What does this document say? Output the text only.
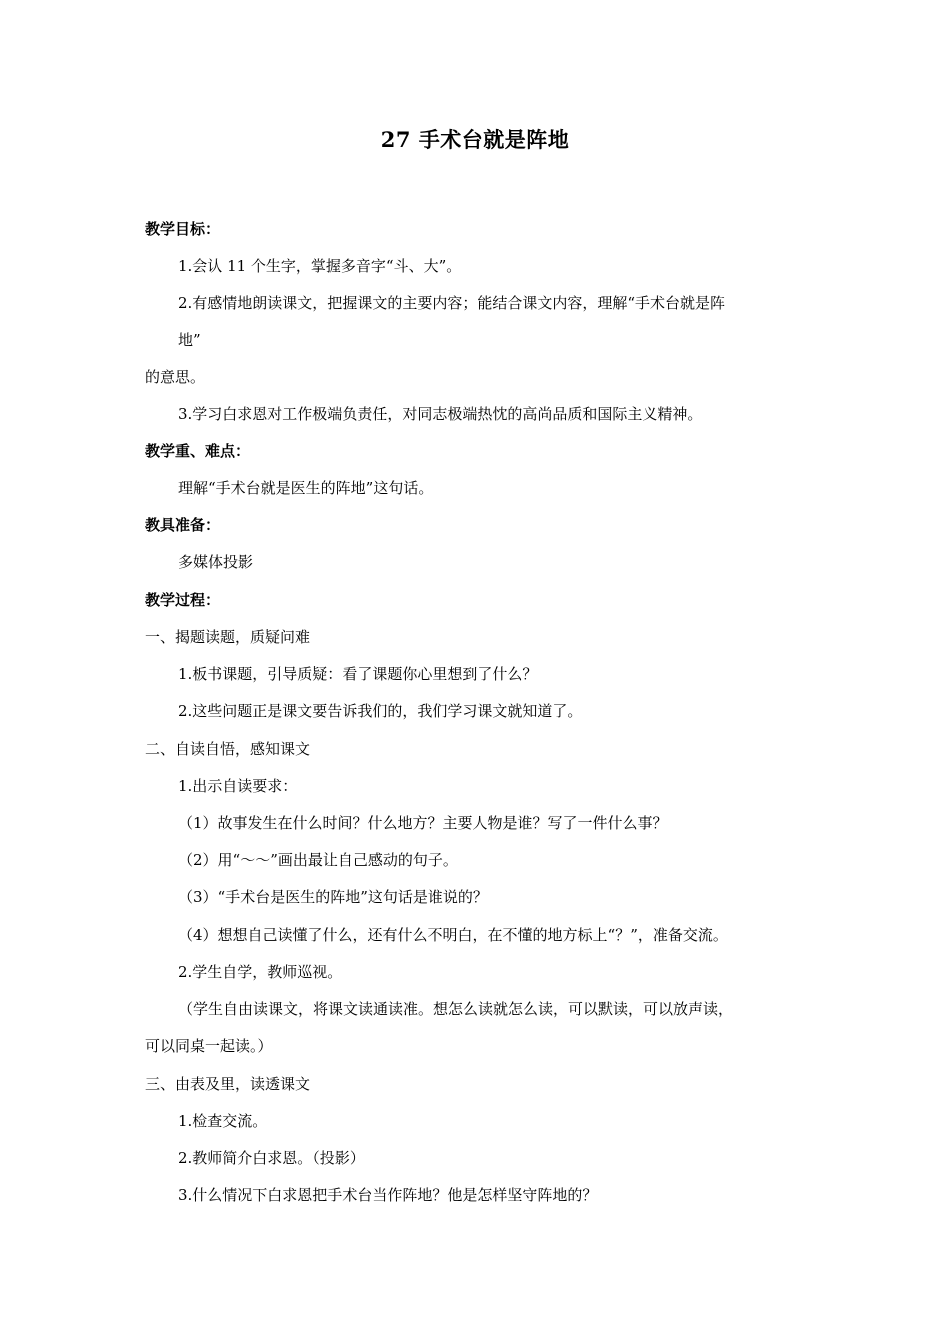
27 手术台就是阵地
教学目标：
1.会认 11 个生字，掌握多音字“斗、大”。
2.有感情地朗读课文，把握课文的主要内容；能结合课文内容，理解“手术台就是阵
地”
的意思。
3.学习白求恩对工作极端负责任，对同志极端热忱的高尚品质和国际主义精神。
教学重、难点：
理解“手术台就是医生的阵地”这句话。
教具准备：
多媒体投影
教学过程：
一、揭题读题，质疑问难
1.板书课题，引导质疑：看了课题你心里想到了什么？
2.这些问题正是课文要告诉我们的，我们学习课文就知道了。
二、自读自悟，感知课文
1.出示自读要求：
（1）故事发生在什么时间？什么地方？主要人物是谁？写了一件什么事？
（2）用“～～”画出最让自己感动的句子。
（3）“手术台是医生的阵地”这句话是谁说的？
（4）想想自己读懂了什么，还有什么不明白，在不懂的地方标上“？”，准备交流。
2.学生自学，教师巡视。
（学生自由读课文，将课文读通读准。想怎么读就怎么读，可以默读，可以放声读，
可以同桌一起读。）
三、由表及里，读透课文
1.检查交流。
2.教师简介白求恩。（投影）
3.什么情况下白求恩把手术台当作阵地？他是怎样坚守阵地的？
